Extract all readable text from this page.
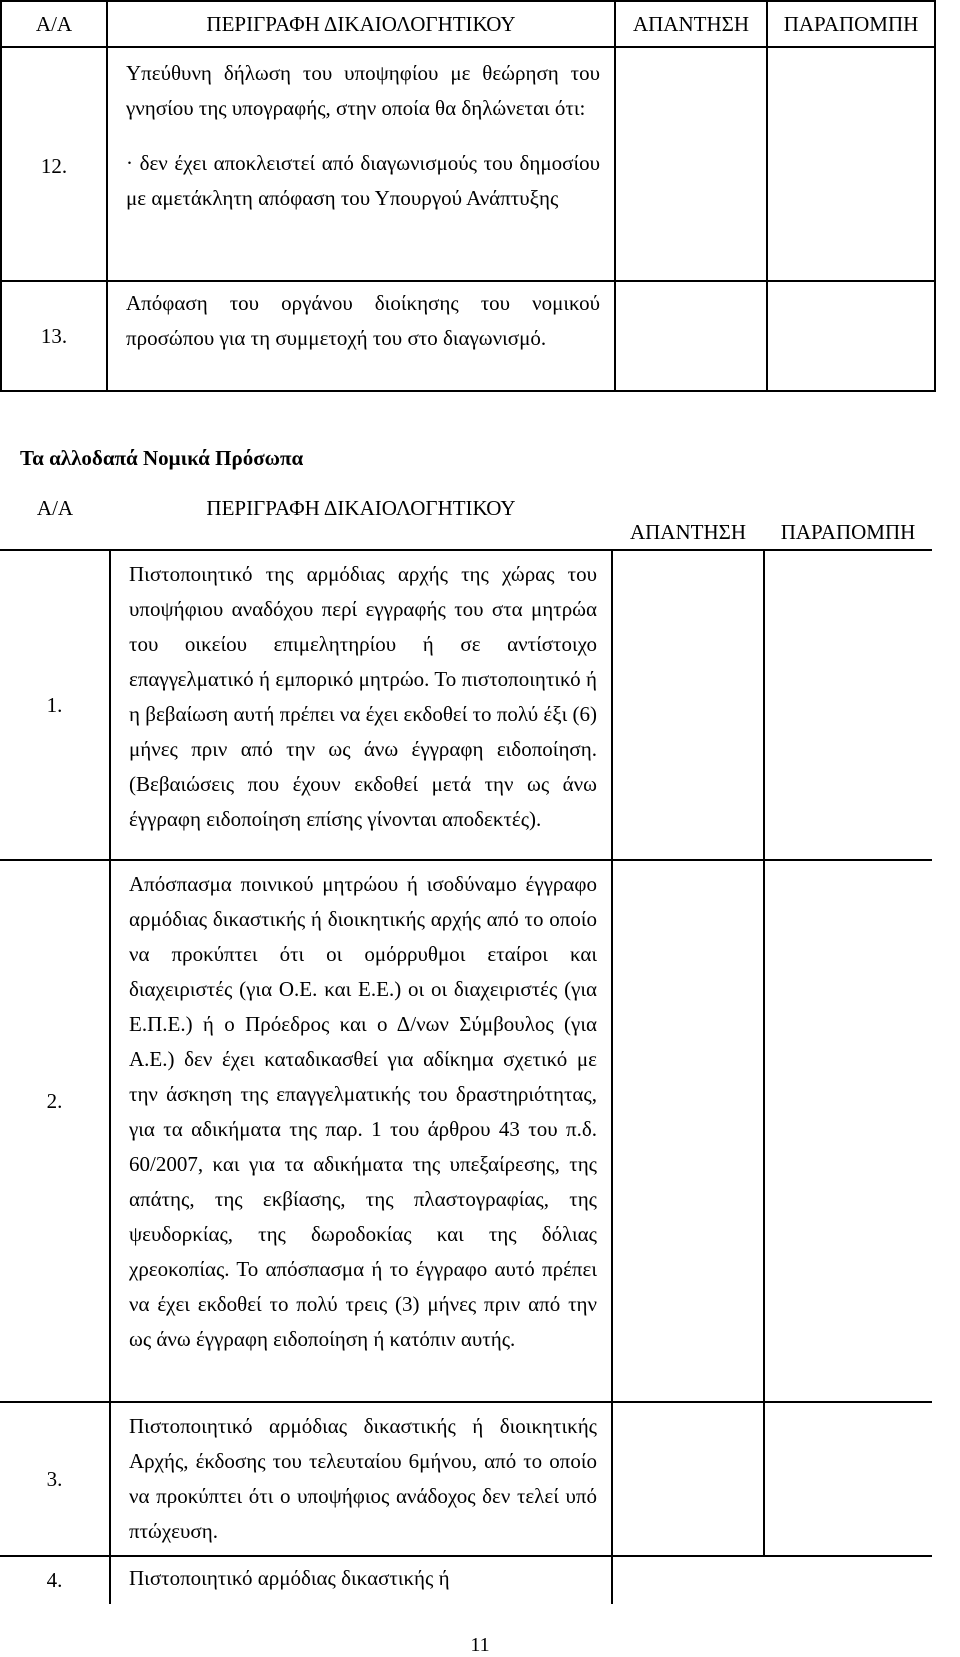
Α/Α	ΠΕΡΙΓΡΑΦΗ ΔΙΚΑΙΟΛΟΓΗΤΙΚΟΥ	ΑΠΑΝΤΗΣΗ	ΠΑΡΑΠΟΜΠΗ
12.	Υπεύθυνη δήλωση του υποψηφίου με θεώρηση του γνησίου της υπογραφής, στην οποία θα δηλώνεται ότι:

· δεν έχει αποκλειστεί από διαγωνισμούς του δημοσίου με αμετάκλητη απόφαση του Υπουργού Ανάπτυξης		

13.	Απόφαση του οργάνου διοίκησης του νομικού προσώπου για τη συμμετοχή του στο διαγωνισμό.		

Τα αλλοδαπά Νομικά Πρόσωπα
Α/Α	ΠΕΡΙΓΡΑΦΗ ΔΙΚΑΙΟΛΟΓΗΤΙΚΟΥ	ΑΠΑΝΤΗΣΗ	ΠΑΡΑΠΟΜΠΗ
1.	Πιστοποιητικό της αρμόδιας αρχής της χώρας του υποψήφιου αναδόχου περί εγγραφής του στα μητρώα του οικείου επιμελητηρίου ή σε αντίστοιχο επαγγελματικό ή εμπορικό μητρώο. Το πιστοποιητικό ή η βεβαίωση αυτή πρέπει να έχει εκδοθεί το πολύ έξι (6) μήνες πριν από την ως άνω έγγραφη ειδοποίηση. (Βεβαιώσεις που έχουν εκδοθεί μετά την ως άνω έγγραφη ειδοποίηση επίσης γίνονται αποδεκτές).		
2.	Απόσπασμα ποινικού μητρώου ή ισοδύναμο έγγραφο αρμόδιας δικαστικής ή διοικητικής αρχής από το οποίο να προκύπτει ότι οι ομόρρυθμοι εταίροι και διαχειριστές (για Ο.Ε. και Ε.Ε.) οι οι διαχειριστές (για Ε.Π.Ε.) ή ο Πρόεδρος και ο Δ/νων Σύμβουλος (για Α.Ε.) δεν έχει καταδικασθεί για αδίκημα σχετικό με την άσκηση της επαγγελματικής του δραστηριότητας, για τα αδικήματα της παρ. 1 του άρθρου 43 του π.δ. 60/2007, και για τα αδικήματα της υπεξαίρεσης, της απάτης, της εκβίασης, της πλαστογραφίας, της ψευδορκίας, της δωροδοκίας και της δόλιας χρεοκοπίας. Το απόσπασμα ή το έγγραφο αυτό πρέπει να έχει εκδοθεί το πολύ τρεις (3) μήνες πριν από την ως άνω έγγραφη ειδοποίηση ή κατόπιν αυτής.		
3.	Πιστοποιητικό αρμόδιας δικαστικής ή διοικητικής Αρχής, έκδοσης του τελευταίου 6μήνου, από το οποίο να προκύπτει ότι ο υποψήφιος ανάδοχος δεν τελεί υπό πτώχευση.		
4.	Πιστοποιητικό αρμόδιας δικαστικής ή		
11
